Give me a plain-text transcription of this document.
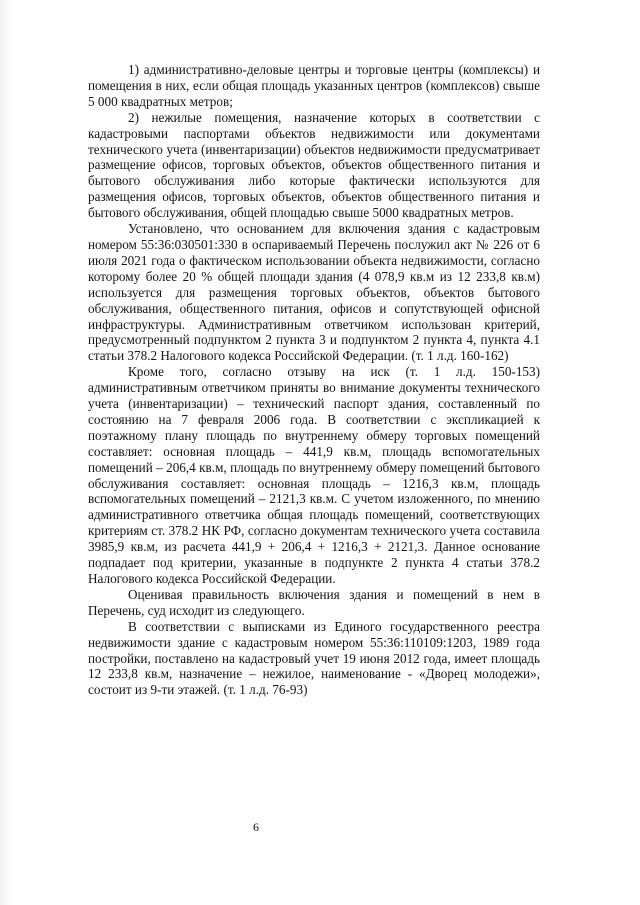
1) административно-деловые центры и торговые центры (комплексы) и помещения в них, если общая площадь указанных центров (комплексов) свыше 5 000 квадратных метров;

2) нежилые помещения, назначение которых в соответствии с кадастровыми паспортами объектов недвижимости или документами технического учета (инвентаризации) объектов недвижимости предусматривает размещение офисов, торговых объектов, объектов общественного питания и бытового обслуживания либо которые фактически используются для размещения офисов, торговых объектов, объектов общественного питания и бытового обслуживания, общей площадью свыше 5000 квадратных метров.

Установлено, что основанием для включения здания с кадастровым номером 55:36:030501:330 в оспариваемый Перечень послужил акт № 226 от 6 июля 2021 года о фактическом использовании объекта недвижимости, согласно которому более 20 % общей площади здания (4 078,9 кв.м из 12 233,8 кв.м) используется для размещения торговых объектов, объектов бытового обслуживания, общественного питания, офисов и сопутствующей офисной инфраструктуры. Административным ответчиком использован критерий, предусмотренный подпунктом 2 пункта 3 и подпунктом 2 пункта 4, пункта 4.1 статьи 378.2 Налогового кодекса Российской Федерации. (т. 1 л.д. 160-162)

Кроме того, согласно отзыву на иск (т. 1 л.д. 150-153) административным ответчиком приняты во внимание документы технического учета (инвентаризации) – технический паспорт здания, составленный по состоянию на 7 февраля 2006 года. В соответствии с экспликацией к поэтажному плану площадь по внутреннему обмеру торговых помещений составляет: основная площадь – 441,9 кв.м, площадь вспомогательных помещений – 206,4 кв.м, площадь по внутреннему обмеру помещений бытового обслуживания составляет: основная площадь – 1216,3 кв.м, площадь вспомогательных помещений – 2121,3 кв.м. С учетом изложенного, по мнению административного ответчика общая площадь помещений, соответствующих критериям ст. 378.2 НК РФ, согласно документам технического учета составила 3985,9 кв.м, из расчета 441,9 + 206,4 + 1216,3 + 2121,3. Данное основание подпадает под критерии, указанные в подпункте 2 пункта 4 статьи 378.2 Налогового кодекса Российской Федерации.

Оценивая правильность включения здания и помещений в нем в Перечень, суд исходит из следующего.

В соответствии с выписками из Единого государственного реестра недвижимости здание с кадастровым номером 55:36:110109:1203, 1989 года постройки, поставлено на кадастровый учет 19 июня 2012 года, имеет площадь 12 233,8 кв.м, назначение – нежилое, наименование - «Дворец молодежи», состоит из 9-ти этажей. (т. 1 л.д. 76-93)

6
